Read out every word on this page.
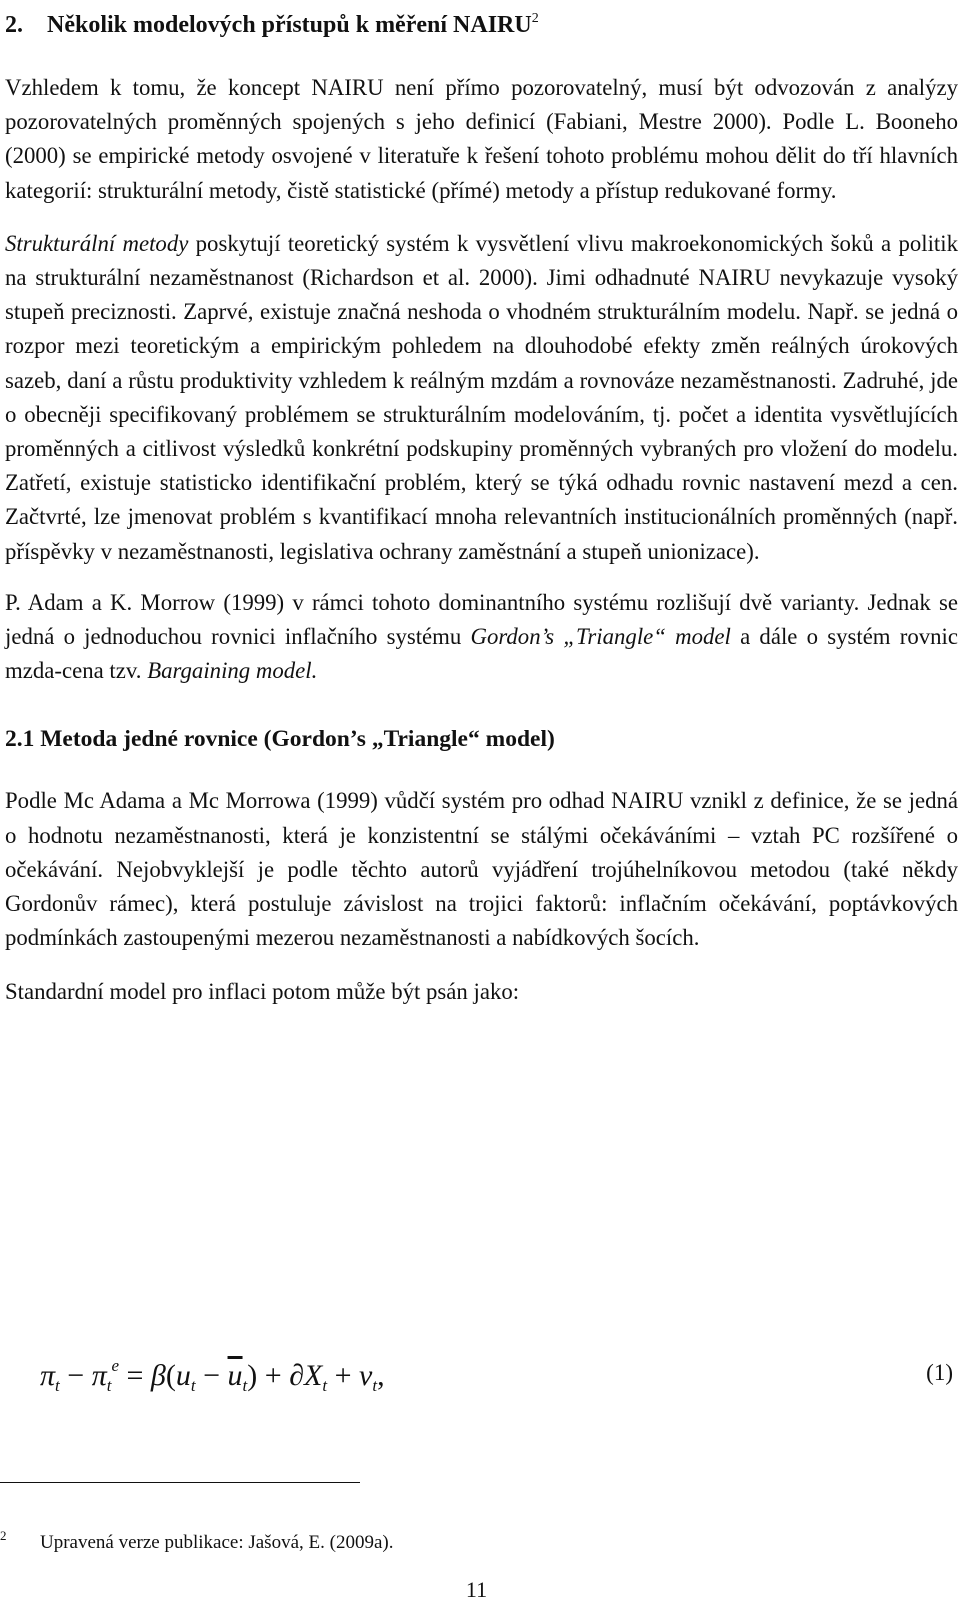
2. Několik modelových přístupů k měření NAIRU$^2$

Vzhledem k tomu, že koncept NAIRU není přímo pozorovatelný, musí být odvozován z analýzy pozorovatelných proměnných spojených s jeho definicí (Fabiani, Mestre 2000). Podle L. Booneho (2000) se empirické metody osvojené v literatuře k řešení tohoto problému mohou dělit do tří hlavních kategorií: strukturální metody, čistě statistické (přímé) metody a přístup redukované formy.

Strukturální metody poskytují teoretický systém k vysvětlení vlivu makroekonomických šoků a politik na strukturální nezaměstnanost (Richardson et al. 2000). Jimi odhadnuté NAIRU nevykazuje vysoký stupeň preciznosti. Zaprvé, existuje značná neshoda o vhodném strukturálním modelu. Např. se jedná o rozpor mezi teoretickým a empirickým pohledem na dlouhodobé efekty změn reálných úrokových sazeb, daní a růstu produktivity vzhledem k reálným mzdám a rovnováze nezaměstnanosti. Zadruhé, jde o obecněji specifikovaný problémem se strukturálním modelováním, tj. počet a identita vysvětlujících proměnných a citlivost výsledků konkrétní podskupiny proměnných vybraných pro vložení do modelu. Zatřetí, existuje statisticko identifikační problém, který se týká odhadu rovnic nastavení mezd a cen. Začtvrté, lze jmenovat problém s kvantifikací mnoha relevantních institucionálních proměnných (např. příspěvky v nezaměstnanosti, legislativa ochrany zaměstnání a stupeň unionizace).

P. Adam a K. Morrow (1999) v rámci tohoto dominantního systému rozlišují dvě varianty. Jednak se jedná o jednoduchou rovnici inflačního systému Gordon’s „Triangle“ model a dále o systém rovnic mzda-cena tzv. Bargaining model.

2.1 Metoda jedné rovnice (Gordon’s „Triangle“ model)

Podle Mc Adama a Mc Morrowa (1999) vůdčí systém pro odhad NAIRU vznikl z definice, že se jedná o hodnotu nezaměstnanosti, která je konzistentní se stálými očekáváními – vztah PC rozšířené o očekávání. Nejobvyklejší je podle těchto autorů vyjádření trojúhelníkovou metodou (také někdy Gordonův rámec), která postuluje závislost na trojici faktorů: inflačním očekávání, poptávkových podmínkách zastoupenými mezerou nezaměstnanosti a nabídkových šocích.

Standardní model pro inflaci potom může být psán jako:

$\pi_t - \pi_t^e = \beta(u_t - \overline{u}_t) + \partial X_t + \nu_t$,	(1)
2 Upravená verze publikace: Jašová, E. (2009a).
11
